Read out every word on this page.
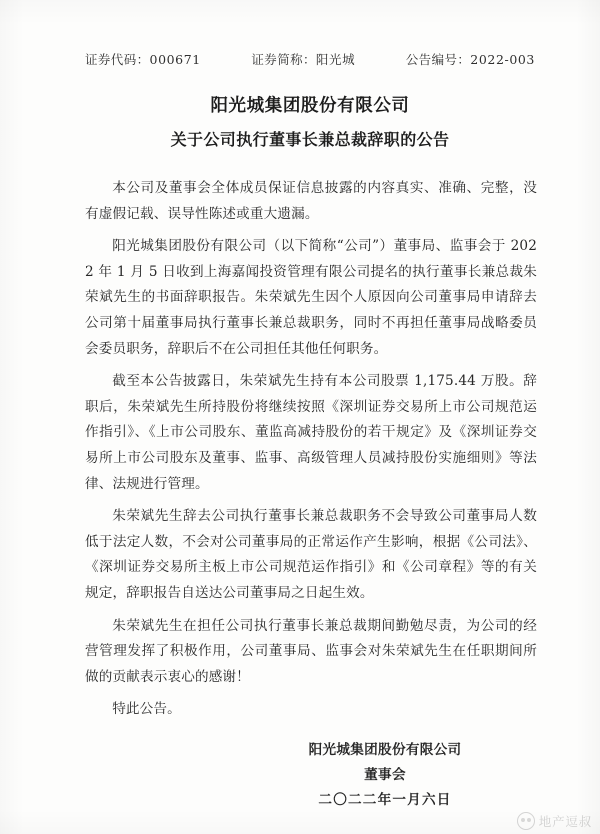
证券代码：000671	证券简称：阳光城	公告编号：2022-003
阳光城集团股份有限公司
关于公司执行董事长兼总裁辞职的公告

本公司及董事会全体成员保证信息披露的内容真实、准确、完整，没有虚假记载、误导性陈述或重大遗漏。

阳光城集团股份有限公司（以下简称“公司”）董事局、监事会于 2022 年 1 月 5 日收到上海嘉闻投资管理有限公司提名的执行董事长兼总裁朱荣斌先生的书面辞职报告。朱荣斌先生因个人原因向公司董事局申请辞去公司第十届董事局执行董事长兼总裁职务，同时不再担任董事局战略委员会委员职务，辞职后不在公司担任其他任何职务。

截至本公告披露日，朱荣斌先生持有本公司股票 1,175.44 万股。辞职后，朱荣斌先生所持股份将继续按照《深圳证券交易所上市公司规范运作指引》、《上市公司股东、董监高减持股份的若干规定》及《深圳证券交易所上市公司股东及董事、监事、高级管理人员减持股份实施细则》等法律、法规进行管理。

朱荣斌先生辞去公司执行董事长兼总裁职务不会导致公司董事局人数低于法定人数，不会对公司董事局的正常运作产生影响，根据《公司法》、《深圳证券交易所主板上市公司规范运作指引》和《公司章程》等的有关规定，辞职报告自送达公司董事局之日起生效。

朱荣斌先生在担任公司执行董事长兼总裁期间勤勉尽责，为公司的经营管理发挥了积极作用，公司董事局、监事会对朱荣斌先生在任职期间所做的贡献表示衷心的感谢！

特此公告。

阳光城集团股份有限公司
董事会
二〇二二年一月六日
地产逗叔
